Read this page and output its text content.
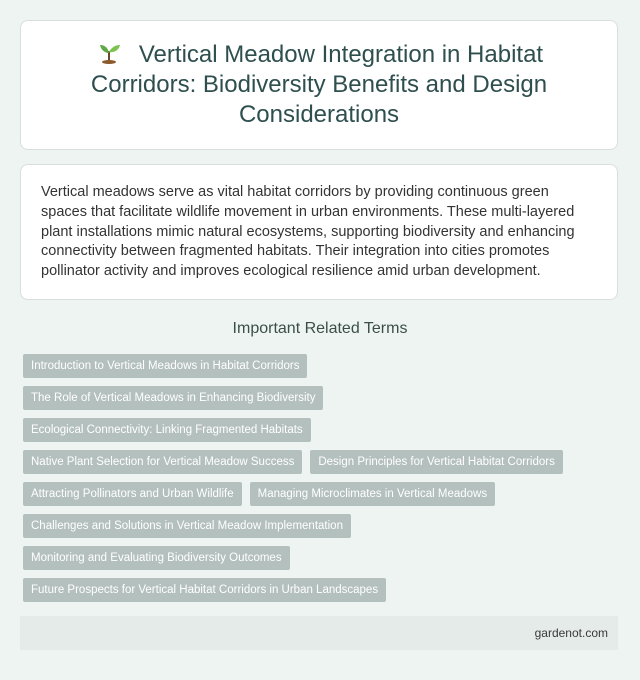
Vertical Meadow Integration in Habitat Corridors: Biodiversity Benefits and Design Considerations

Vertical meadows serve as vital habitat corridors by providing continuous green spaces that facilitate wildlife movement in urban environments. These multi-layered plant installations mimic natural ecosystems, supporting biodiversity and enhancing connectivity between fragmented habitats. Their integration into cities promotes pollinator activity and improves ecological resilience amid urban development.

Important Related Terms
Introduction to Vertical Meadows in Habitat Corridors
The Role of Vertical Meadows in Enhancing Biodiversity
Ecological Connectivity: Linking Fragmented Habitats
Native Plant Selection for Vertical Meadow Success	Design Principles for Vertical Habitat Corridors
Attracting Pollinators and Urban Wildlife	Managing Microclimates in Vertical Meadows
Challenges and Solutions in Vertical Meadow Implementation
Monitoring and Evaluating Biodiversity Outcomes
Future Prospects for Vertical Habitat Corridors in Urban Landscapes
gardenot.com
